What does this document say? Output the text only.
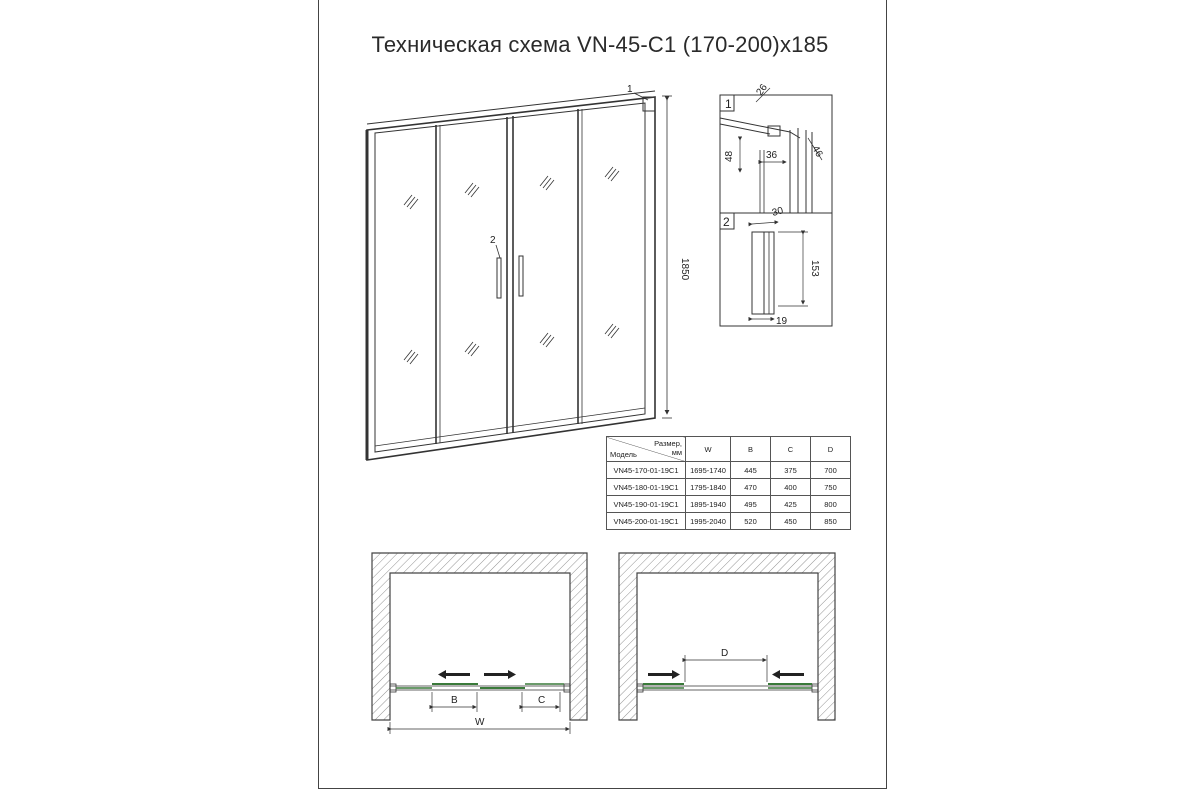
Техническая схема VN-45-C1 (170-200)x185
1850
1
2
1
26
48	36	46
2
30
153
19
B	C
W
D
Размер,
мм
Модель	W	B	C	D
VN45-170-01-19C1	1695-1740	445	375	700
VN45-180-01-19C1	1795-1840	470	400	750
VN45-190-01-19C1	1895-1940	495	425	800
VN45-200-01-19C1	1995-2040	520	450	850
